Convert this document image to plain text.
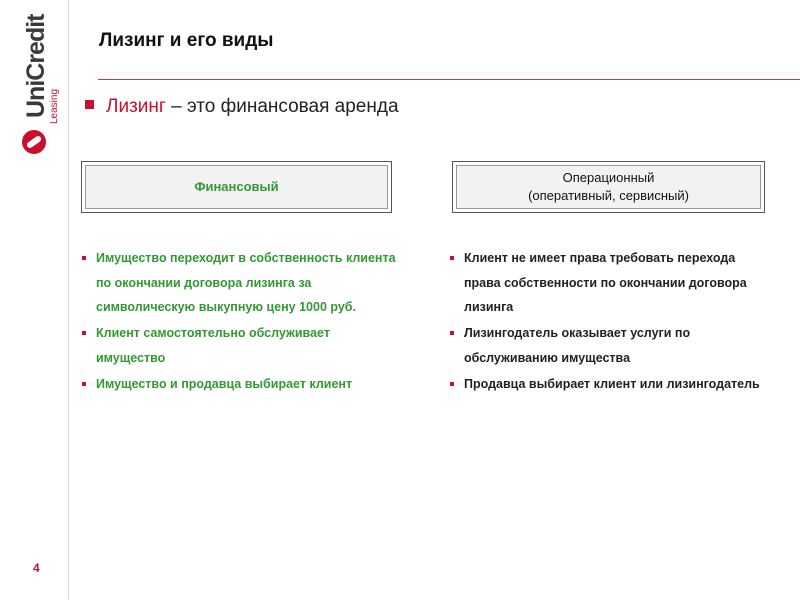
UniCredit Leasing
Лизинг и его виды
Лизинг – это финансовая аренда
Финансовый
Операционный
(оперативный, сервисный)
Имущество переходит в собственность клиента по окончании договора лизинга за символическую выкупную цену 1000 руб.
Клиент самостоятельно обслуживает имущество
Имущество и продавца выбирает клиент
Клиент не имеет права требовать перехода права собственности по окончании договора лизинга
Лизингодатель оказывает услуги по обслуживанию имущества
Продавца выбирает клиент или лизингодатель
4
